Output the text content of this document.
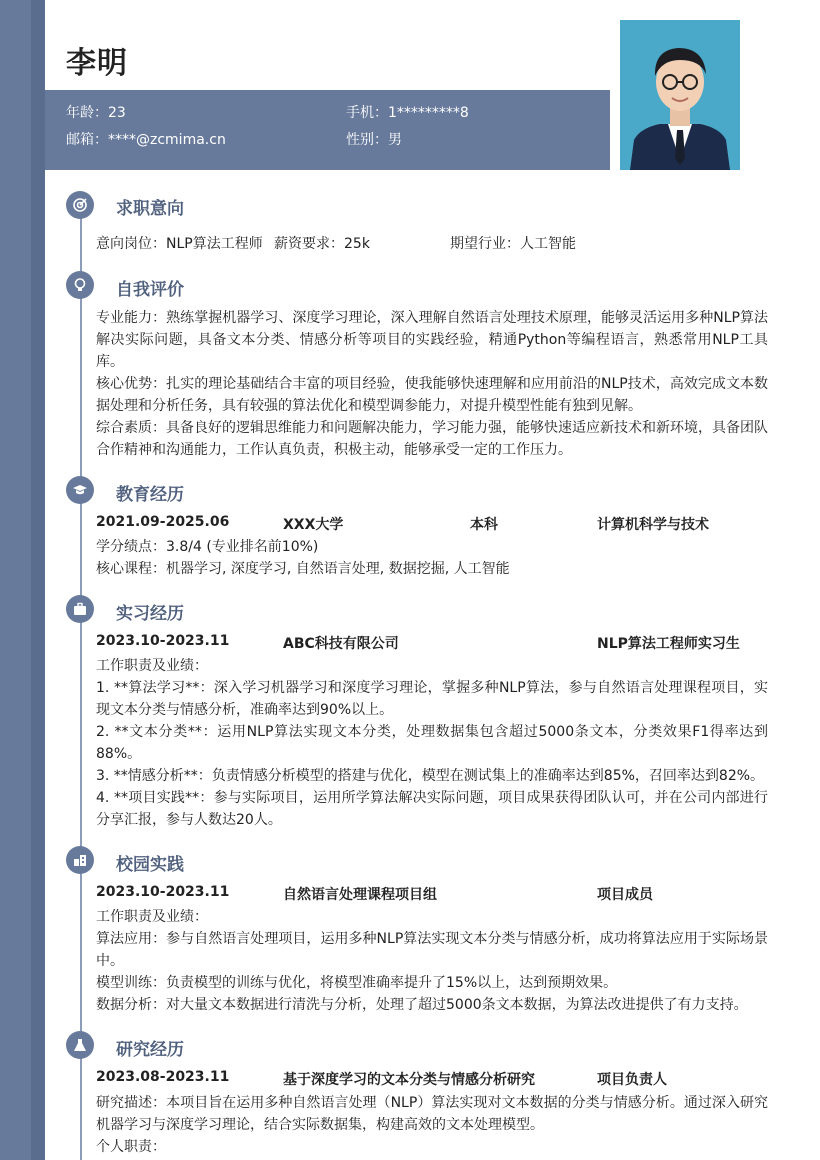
李明
年龄：23	手机：1*********8
邮箱：****@zcmima.cn	性别：男
求职意向
意向岗位：NLP算法工程师 薪资要求：25k	期望行业：人工智能
自我评价
专业能力：熟练掌握机器学习、深度学习理论，深入理解自然语言处理技术原理，能够灵活运用多种NLP算法解决实际问题，具备文本分类、情感分析等项目的实践经验，精通Python等编程语言，熟悉常用NLP工具库。
核心优势：扎实的理论基础结合丰富的项目经验，使我能够快速理解和应用前沿的NLP技术，高效完成文本数据处理和分析任务，具有较强的算法优化和模型调参能力，对提升模型性能有独到见解。
综合素质：具备良好的逻辑思维能力和问题解决能力，学习能力强，能够快速适应新技术和新环境，具备团队合作精神和沟通能力，工作认真负责，积极主动，能够承受一定的工作压力。
教育经历
2021.09-2025.06	XXX大学	本科	计算机科学与技术
学分绩点：3.8/4 (专业排名前10%)
核心课程：机器学习, 深度学习, 自然语言处理, 数据挖掘, 人工智能
实习经历
2023.10-2023.11	ABC科技有限公司	NLP算法工程师实习生
工作职责及业绩：
1. **算法学习**：深入学习机器学习和深度学习理论，掌握多种NLP算法，参与自然语言处理课程项目，实现文本分类与情感分析，准确率达到90%以上。
2. **文本分类**：运用NLP算法实现文本分类，处理数据集包含超过5000条文本，分类效果F1得率达到88%。
3. **情感分析**：负责情感分析模型的搭建与优化，模型在测试集上的准确率达到85%，召回率达到82%。
4. **项目实践**：参与实际项目，运用所学算法解决实际问题，项目成果获得团队认可，并在公司内部进行分享汇报，参与人数达20人。
校园实践
2023.10-2023.11	自然语言处理课程项目组	项目成员
工作职责及业绩：
算法应用：参与自然语言处理项目，运用多种NLP算法实现文本分类与情感分析，成功将算法应用于实际场景中。
模型训练：负责模型的训练与优化，将模型准确率提升了15%以上，达到预期效果。
数据分析：对大量文本数据进行清洗与分析，处理了超过5000条文本数据，为算法改进提供了有力支持。
研究经历
2023.08-2023.11	基于深度学习的文本分类与情感分析研究	项目负责人
研究描述：本项目旨在运用多种自然语言处理（NLP）算法实现对文本数据的分类与情感分析。通过深入研究机器学习与深度学习理论，结合实际数据集，构建高效的文本处理模型。
个人职责：
